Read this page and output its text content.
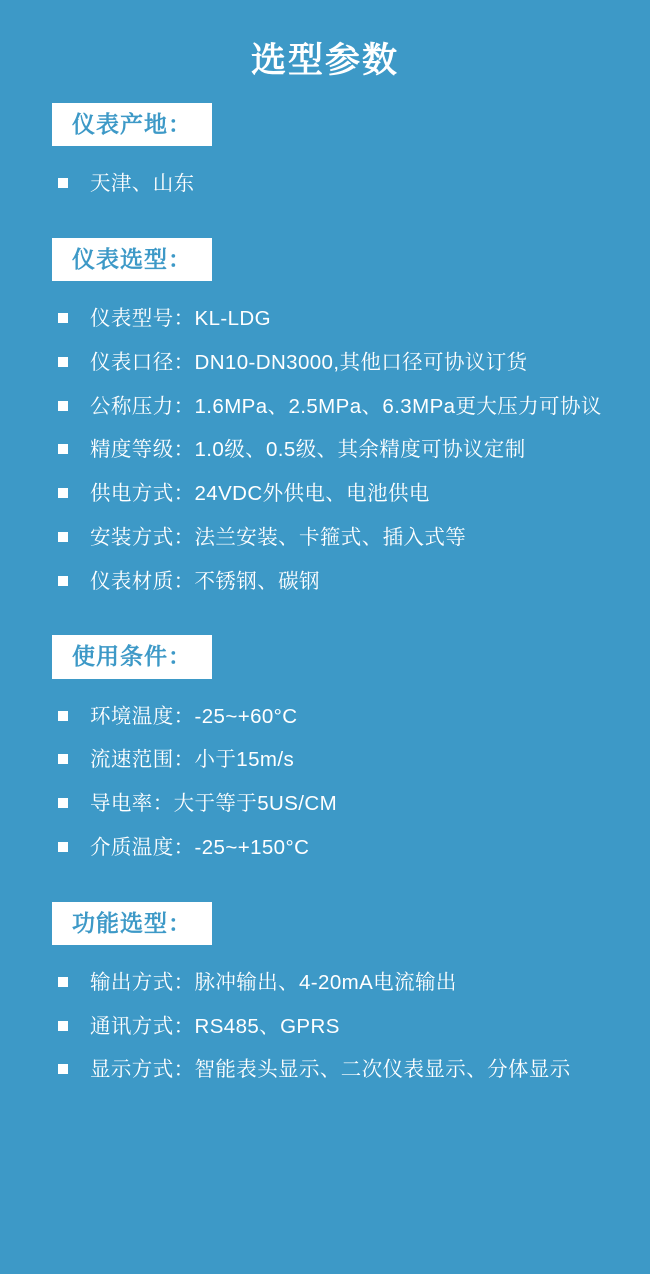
选型参数
仪表产地：
天津、山东
仪表选型：
仪表型号：KL-LDG
仪表口径：DN10-DN3000,其他口径可协议订货
公称压力：1.6MPa、2.5MPa、6.3MPa更大压力可协议
精度等级：1.0级、0.5级、其余精度可协议定制
供电方式：24VDC外供电、电池供电
安装方式：法兰安装、卡箍式、插入式等
仪表材质：不锈钢、碳钢
使用条件：
环境温度：-25~+60°C
流速范围：小于15m/s
导电率：大于等于5US/CM
介质温度：-25~+150°C
功能选型：
输出方式：脉冲输出、4-20mA电流输出
通讯方式：RS485、GPRS
显示方式：智能表头显示、二次仪表显示、分体显示
